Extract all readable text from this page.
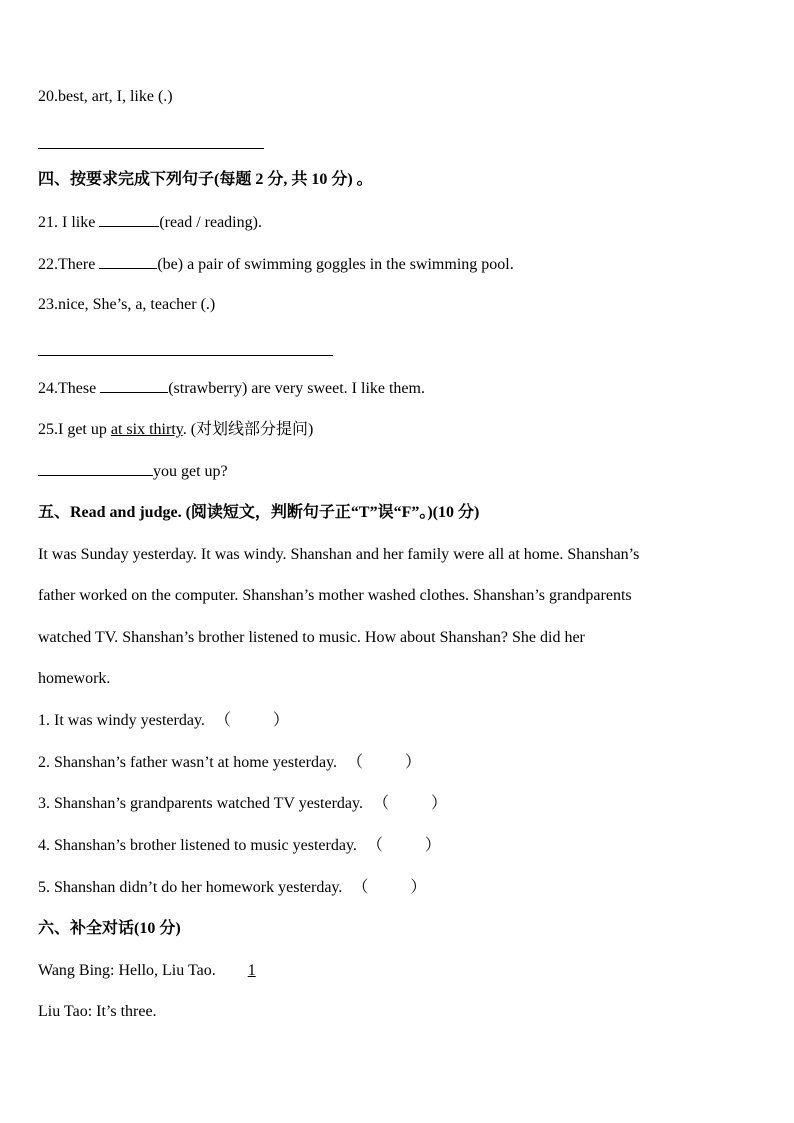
20.best, art, I, like (.)
四、按要求完成下列句子(每题 2 分, 共 10 分) 。
21. I like	(read / reading).
22.There	(be) a pair of swimming goggles in the swimming pool.
23.nice, She’s, a, teacher (.)
24.These	(strawberry) are very sweet. I like them.
25.I get up at six thirty. (对划线部分提问)
you get up?
五、Read and judge. (阅读短文，判断句子正“T”误“F”。)(10 分)
It was Sunday yesterday. It was windy. Shanshan and her family were all at home. Shanshan’s
father worked on the computer. Shanshan’s mother washed clothes. Shanshan’s grandparents
watched TV. Shanshan’s brother listened to music. How about Shanshan? She did her
homework.
1. It was windy yesterday. （	）
2. Shanshan’s father wasn’t at home yesterday. （	）
3. Shanshan’s grandparents watched TV yesterday. （	）
4. Shanshan’s brother listened to music yesterday. （	）
5. Shanshan didn’t do her homework yesterday. （	）
六、补全对话(10 分)
Wang Bing: Hello, Liu Tao. 1
Liu Tao: It’s three.
